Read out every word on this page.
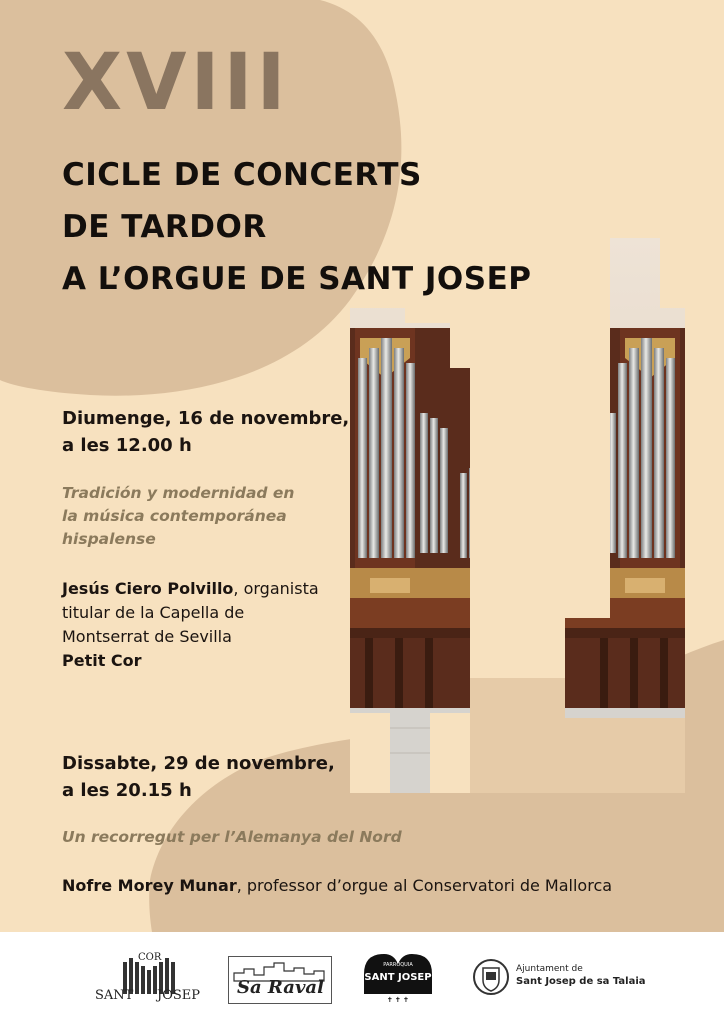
XVIII
CICLE DE CONCERTS
DE TARDOR
A L’ORGUE DE SANT JOSEP
Diumenge, 16 de novembre,
a les 12.00 h
Tradición y modernidad en
la música contemporánea
hispalense
Jesús Ciero Polvillo, organista
titular de la Capella de
Montserrat de Sevilla
Petit Cor
Dissabte, 29 de novembre,
a les 20.15 h
Un recorregut per l’Alemanya del Nord
Nofre Morey Munar, professor d’orgue al Conservatori de Mallorca
COR
SANT JOSEP Sa Raval
✝ ✝ ✝
PARRÒQUIA
SANT JOSEP
Ajuntament de
Sant Josep de sa Talaia
